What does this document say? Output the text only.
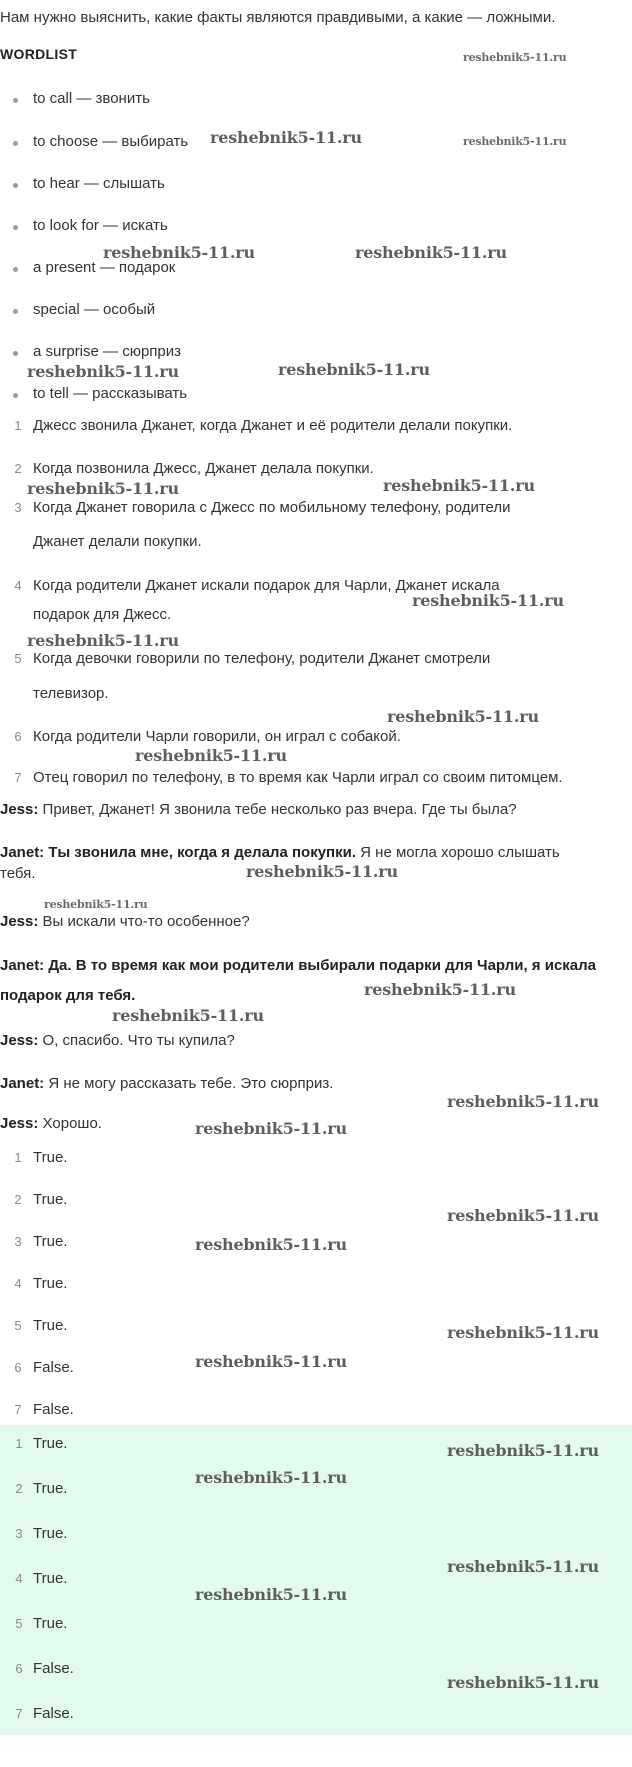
Нам нужно выяснить, какие факты являются правдивыми, а какие — ложными.
WORDLIST
to call — звонить
to choose — выбирать
to hear — слышать
to look for — искать
a present — подарок
special — особый
a surprise — сюрприз
to tell — рассказывать
1 Джесс звонила Джанет, когда Джанет и её родители делали покупки.
2 Когда позвонила Джесс, Джанет делала покупки.
3 Когда Джанет говорила с Джесс по мобильному телефону, родители
Джанет делали покупки.
4 Когда родители Джанет искали подарок для Чарли, Джанет искала
подарок для Джесс.
5 Когда девочки говорили по телефону, родители Джанет смотрели
телевизор.
6 Когда родители Чарли говорили, он играл с собакой.
7 Отец говорил по телефону, в то время как Чарли играл со своим питомцем.
Jess: Привет, Джанет! Я звонила тебе несколько раз вчера. Где ты была?
Janet: Ты звонила мне, когда я делала покупки. Я не могла хорошо слышать
тебя.
Jess: Вы искали что-то особенное?
Janet: Да. В то время как мои родители выбирали подарки для Чарли, я искала
подарок для тебя.
Jess: О, спасибо. Что ты купила?
Janet: Я не могу рассказать тебе. Это сюрприз.
Jess: Хорошо.
1 True.
2 True.
3 True.
4 True.
5 True.
6 False.
7 False.
1 True.
2 True.
3 True.
4 True.
5 True.
6 False.
7 False.
reshebnik5-11.ru
reshebnik5-11.ru	reshebnik5-11.ru
reshebnik5-11.ru	reshebnik5-11.ru
reshebnik5-11.ru	reshebnik5-11.ru
reshebnik5-11.ru	reshebnik5-11.ru
reshebnik5-11.ru
reshebnik5-11.ru
reshebnik5-11.ru
reshebnik5-11.ru
reshebnik5-11.ru
reshebnik5-11.ru
reshebnik5-11.ru
reshebnik5-11.ru
reshebnik5-11.ru
reshebnik5-11.ru
reshebnik5-11.ru
reshebnik5-11.ru
reshebnik5-11.ru
reshebnik5-11.ru
reshebnik5-11.ru
reshebnik5-11.ru
reshebnik5-11.ru
reshebnik5-11.ru
reshebnik5-11.ru
